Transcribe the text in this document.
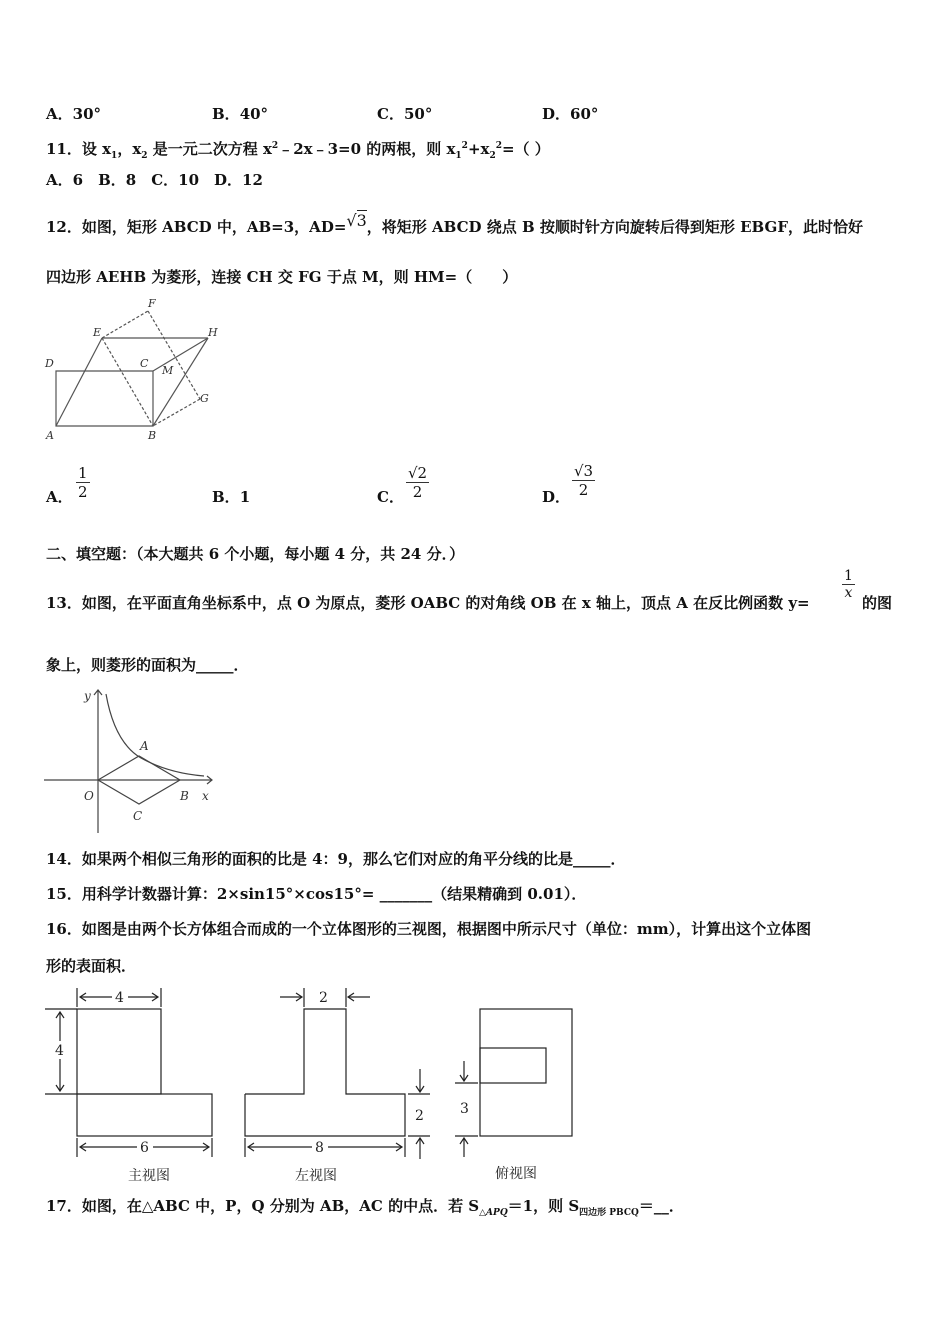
A．30°	B．40°	C．50°	D．60°
11．设 $x_1$，$x_2$ 是一元二次方程 $x^2﹣2x﹣3=0$ 的两根，则 $x_1^2+x_2^2=$（ ）
A．6　B．8　C．10　D．12
12．如图，矩形 ABCD 中，AB=3，AD=√3，将矩形 ABCD 绕点 B 按顺时针方向旋转后得到矩形 EBGF，此时恰好
四边形 AEHB 为菱形，连接 CH 交 FG 于点 M，则 HM=（　　）
F
E	H
D	C
M
G
A	B
A． $\frac{1}{2}$	B．1	C． $\frac{√2}{2}$	D． $\frac{√3}{2}$
二、填空题：（本大题共 6 个小题，每小题 4 分，共 24 分．）
13．如图，在平面直角坐标系中，点 O 为原点，菱形 OABC 的对角线 OB 在 x 轴上，顶点 A 在反比例函数 y=
$\frac{1}{x}$
的图
象上，则菱形的面积为_____．
y
A
O	B x
C
14．如果两个相似三角形的面积的比是 4：9，那么它们对应的角平分线的比是_____．
15．用科学计数器计算：2×sin15°×cos15°= _______（结果精确到 0.01）．
16．如图是由两个长方体组合而成的一个立体图形的三视图，根据图中所示尺寸（单位：mm），计算出这个立体图
形的表面积．
4
4
6
主视图
2
2
8
左视图
3
俯视图
17．如图，在△ABC 中，P，Q 分别为 AB，AC 的中点．若 $S_{\triangle APQ}=1$，则 $S_{四边形 PBCQ}=\_\_$．
